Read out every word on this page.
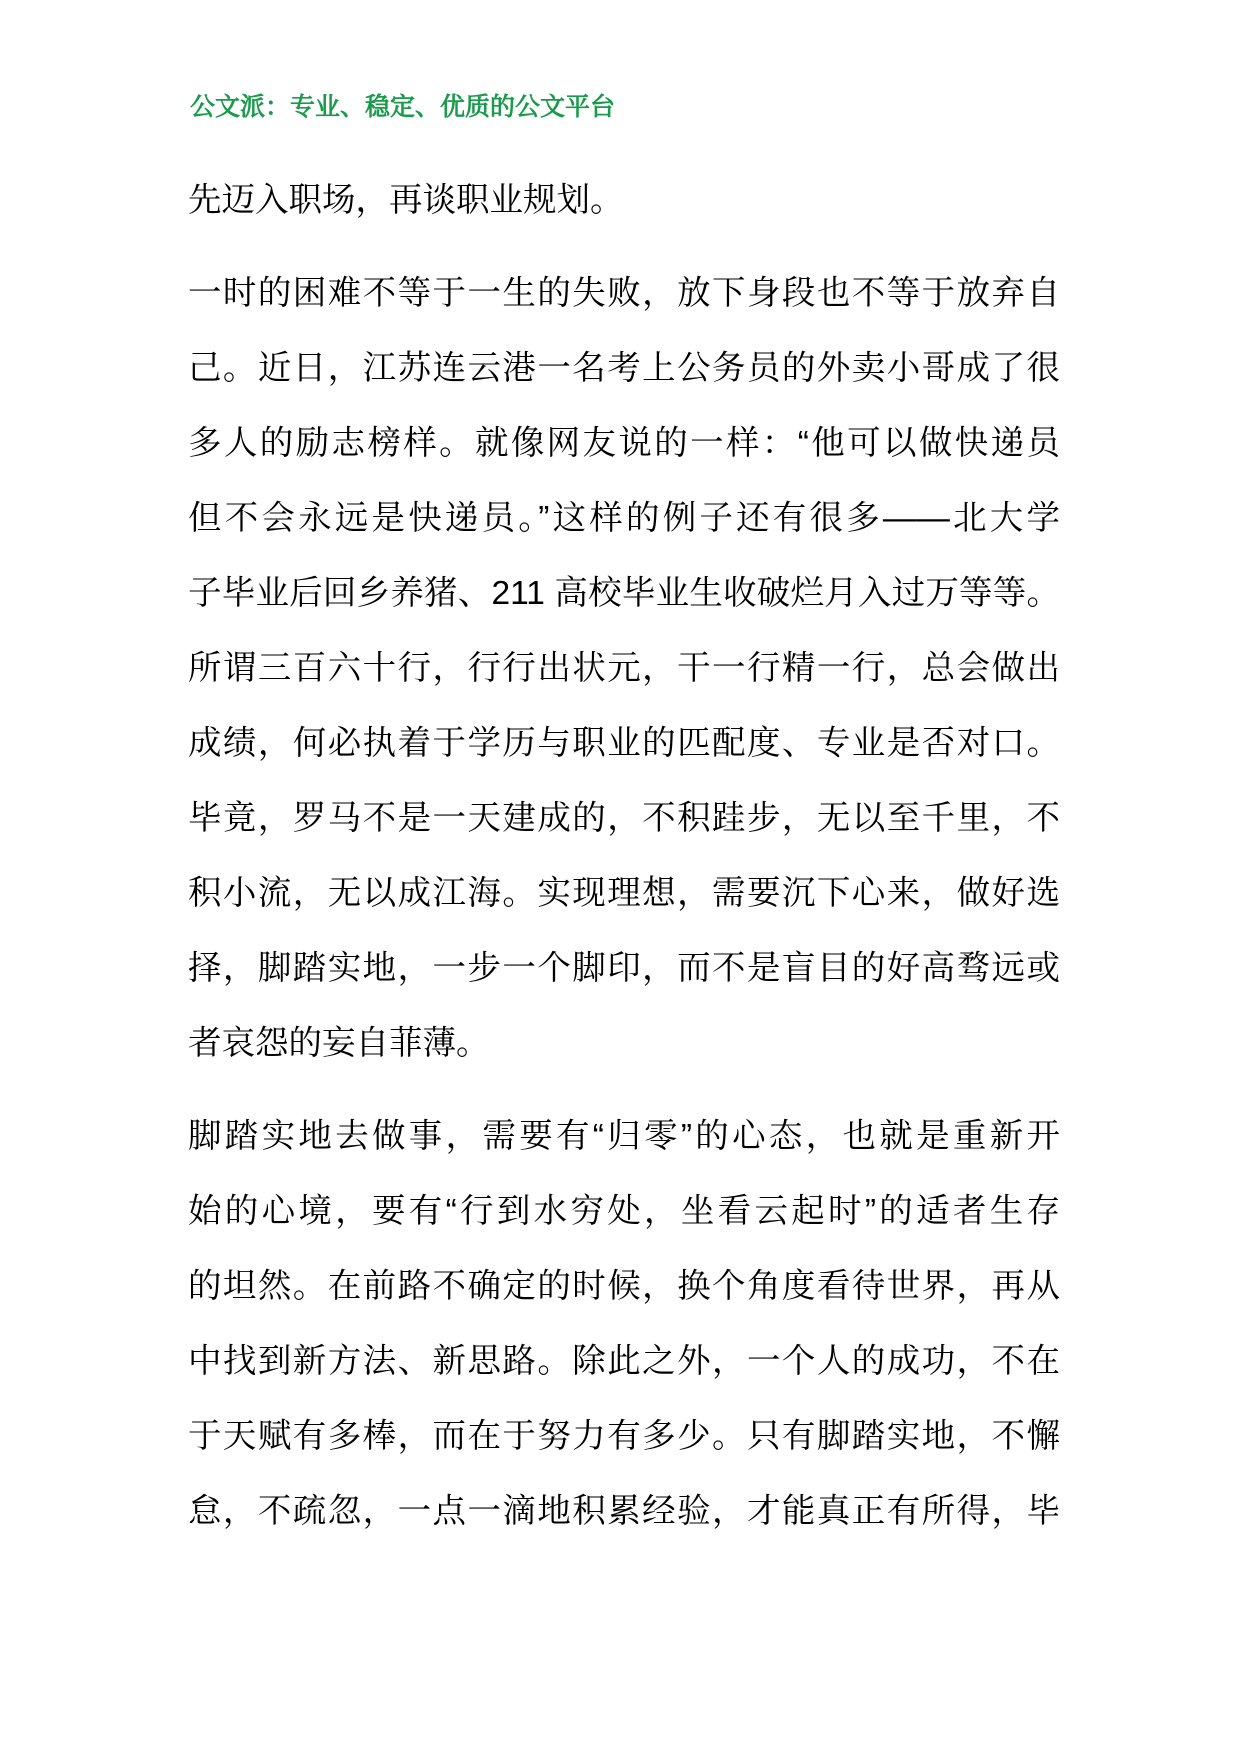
公文派：专业、稳定、优质的公文平台
先迈入职场，再谈职业规划。
一时的困难不等于一生的失败，放下身段也不等于放弃自
己。近日，江苏连云港一名考上公务员的外卖小哥成了很
多人的励志榜样。就像网友说的一样：“他可以做快递员
但不会永远是快递员。”这样的例子还有很多——北大学
子毕业后回乡养猪、211 高校毕业生收破烂月入过万等等。
所谓三百六十行，行行出状元，干一行精一行，总会做出
成绩，何必执着于学历与职业的匹配度、专业是否对口。
毕竟，罗马不是一天建成的，不积跬步，无以至千里，不
积小流，无以成江海。实现理想，需要沉下心来，做好选
择，脚踏实地，一步一个脚印，而不是盲目的好高骛远或
者哀怨的妄自菲薄。
脚踏实地去做事，需要有“归零”的心态，也就是重新开
始的心境，要有“行到水穷处，坐看云起时”的适者生存
的坦然。在前路不确定的时候，换个角度看待世界，再从
中找到新方法、新思路。除此之外，一个人的成功，不在
于天赋有多棒，而在于努力有多少。只有脚踏实地，不懈
怠，不疏忽，一点一滴地积累经验，才能真正有所得，毕
